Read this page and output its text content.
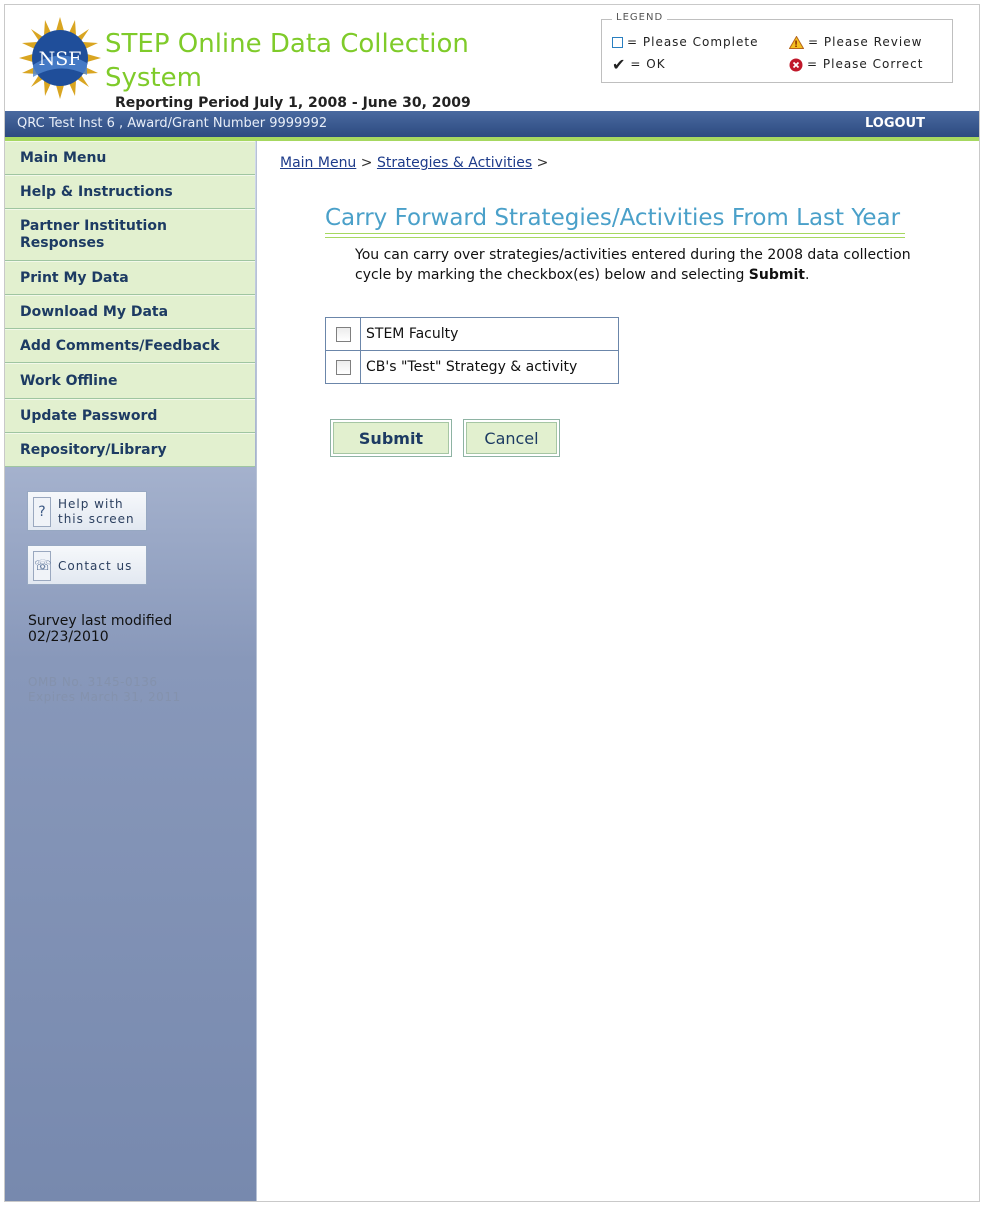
NSF STEP Online Data Collection System
Reporting Period July 1, 2008 - June 30, 2009
LEGEND
= Please Complete	! = Please Review
✔ = OK	= Please Correct
QRC Test Inst 6 , Award/Grant Number 9999992	LOGOUT
Main Menu
Help & Instructions
Partner Institution Responses
Print My Data
Download My Data
Add Comments/Feedback
Work Offline
Update Password
Repository/Library
?	Help with
this screen
☏ Contact us
Survey last modified
02/23/2010
OMB No. 3145-0136
Expires March 31, 2011
Main Menu > Strategies & Activities >
Carry Forward Strategies/Activities From Last Year
You can carry over strategies/activities entered during the 2008 data collection cycle by marking the checkbox(es) below and selecting Submit.
STEM Faculty
CB's "Test" Strategy & activity
Submit	Cancel
